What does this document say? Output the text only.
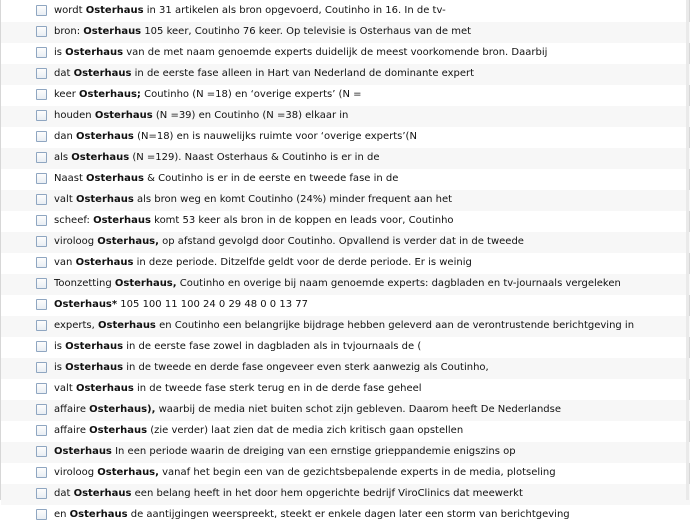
wordt Osterhaus in 31 artikelen als bron opgevoerd, Coutinho in 16. In de tv-
bron: Osterhaus 105 keer, Coutinho 76 keer. Op televisie is Osterhaus van de met
is Osterhaus van de met naam genoemde experts duidelijk de meest voorkomende bron. Daarbij
dat Osterhaus in de eerste fase alleen in Hart van Nederland de dominante expert
keer Osterhaus; Coutinho (N =18) en ‘overige experts’ (N =
houden Osterhaus (N =39) en Coutinho (N =38) elkaar in
dan Osterhaus (N=18) en is nauwelijks ruimte voor ‘overige experts’(N
als Osterhaus (N =129). Naast Osterhaus & Coutinho is er in de
Naast Osterhaus & Coutinho is er in de eerste en tweede fase in de
valt Osterhaus als bron weg en komt Coutinho (24%) minder frequent aan het
scheef: Osterhaus komt 53 keer als bron in de koppen en leads voor, Coutinho
viroloog Osterhaus, op afstand gevolgd door Coutinho. Opvallend is verder dat in de tweede
van Osterhaus in deze periode. Ditzelfde geldt voor de derde periode. Er is weinig
Toonzetting Osterhaus, Coutinho en overige bij naam genoemde experts: dagbladen en tv-journaals vergeleken
Osterhaus* 105 100 11 100 24 0 29 48 0 0 13 77
experts, Osterhaus en Coutinho een belangrijke bijdrage hebben geleverd aan de verontrustende berichtgeving in
is Osterhaus in de eerste fase zowel in dagbladen als in tvjournaals de (
is Osterhaus in de tweede en derde fase ongeveer even sterk aanwezig als Coutinho,
valt Osterhaus in de tweede fase sterk terug en in de derde fase geheel
affaire Osterhaus), waarbij de media niet buiten schot zijn gebleven. Daarom heeft De Nederlandse
affaire Osterhaus (zie verder) laat zien dat de media zich kritisch gaan opstellen
Osterhaus In een periode waarin de dreiging van een ernstige grieppandemie enigszins op
viroloog Osterhaus, vanaf het begin een van de gezichtsbepalende experts in de media, plotseling
dat Osterhaus een belang heeft in het door hem opgerichte bedrijf ViroClinics dat meewerkt
en Osterhaus de aantijgingen weerspreekt, steekt er enkele dagen later een storm van berichtgeving
